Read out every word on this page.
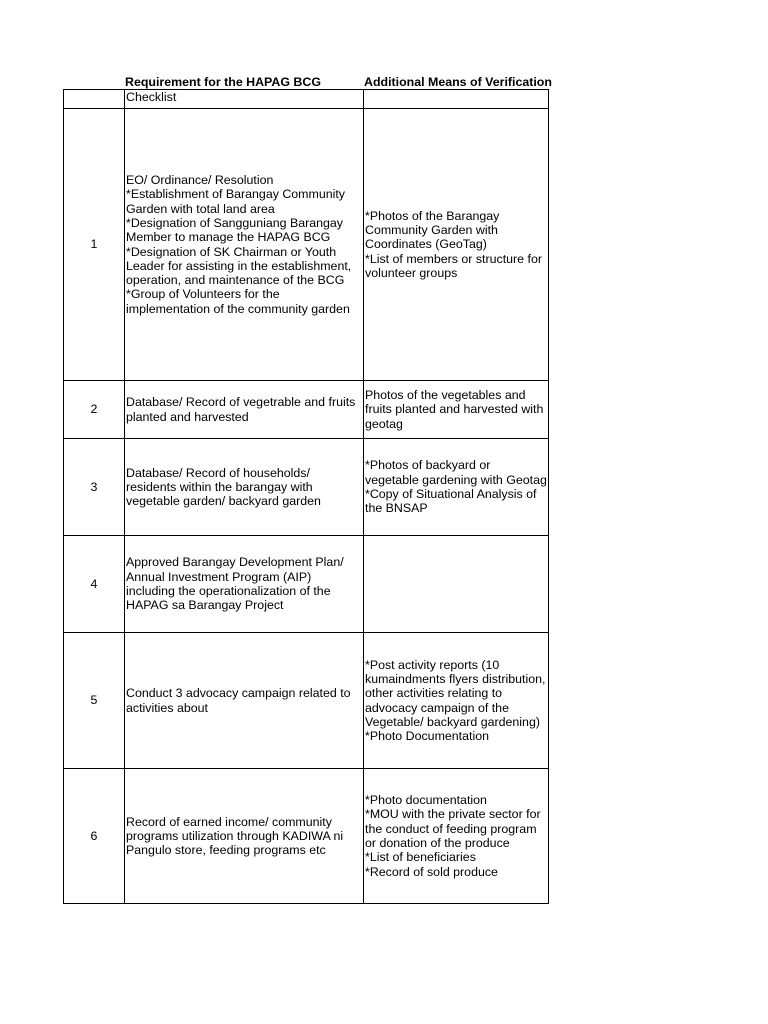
Requirement for the HAPAG BCG	Additional Means of Verification
	Checklist	
1	EO/ Ordinance/ Resolution
*Establishment of Barangay Community Garden with total land area
*Designation of Sangguniang Barangay Member to manage the HAPAG BCG
*Designation of SK Chairman or Youth Leader for assisting in the establishment, operation, and maintenance of the BCG
*Group of Volunteers for the implementation of the community garden	*Photos of the Barangay Community Garden with Coordinates (GeoTag)
*List of members or structure for volunteer groups
2	Database/ Record of vegetrable and fruits planted and harvested	Photos of the vegetables and fruits planted and harvested with geotag
3	Database/ Record of households/ residents within the barangay with vegetable garden/ backyard garden	*Photos of backyard or vegetable gardening with Geotag
*Copy of Situational Analysis of the BNSAP
4	Approved Barangay Development Plan/ Annual Investment Program (AIP) including the operationalization of the HAPAG sa Barangay Project	
5	Conduct 3 advocacy campaign related to activities about	*Post activity reports (10 kumaindments flyers distribution, other activities relating to advocacy campaign of the Vegetable/ backyard gardening)
*Photo Documentation
6	Record of earned income/ community programs utilization through KADIWA ni Pangulo store, feeding programs etc	*Photo documentation
*MOU with the private sector for the conduct of feeding program or donation of the produce
*List of beneficiaries
*Record of sold produce
